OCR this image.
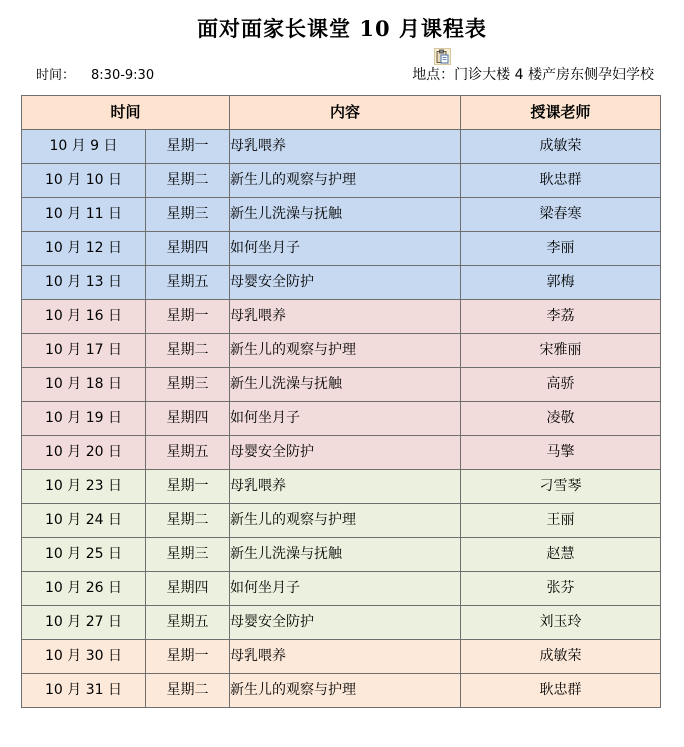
面对面家长课堂 10 月课程表
时间： 8:30-9:30	地点：门诊大楼 4 楼产房东侧孕妇学校
时间		内容	授课老师
10 月 9 日	星期一	母乳喂养	成敏荣
10 月 10 日	星期二	新生儿的观察与护理	耿忠群
10 月 11 日	星期三	新生儿洗澡与抚触	梁春寒
10 月 12 日	星期四	如何坐月子	李丽
10 月 13 日	星期五	母婴安全防护	郭梅
10 月 16 日	星期一	母乳喂养	李荔
10 月 17 日	星期二	新生儿的观察与护理	宋雅丽
10 月 18 日	星期三	新生儿洗澡与抚触	高骄
10 月 19 日	星期四	如何坐月子	凌敬
10 月 20 日	星期五	母婴安全防护	马擎
10 月 23 日	星期一	母乳喂养	刁雪琴
10 月 24 日	星期二	新生儿的观察与护理	王丽
10 月 25 日	星期三	新生儿洗澡与抚触	赵慧
10 月 26 日	星期四	如何坐月子	张芬
10 月 27 日	星期五	母婴安全防护	刘玉玲
10 月 30 日	星期一	母乳喂养	成敏荣
10 月 31 日	星期二	新生儿的观察与护理	耿忠群
